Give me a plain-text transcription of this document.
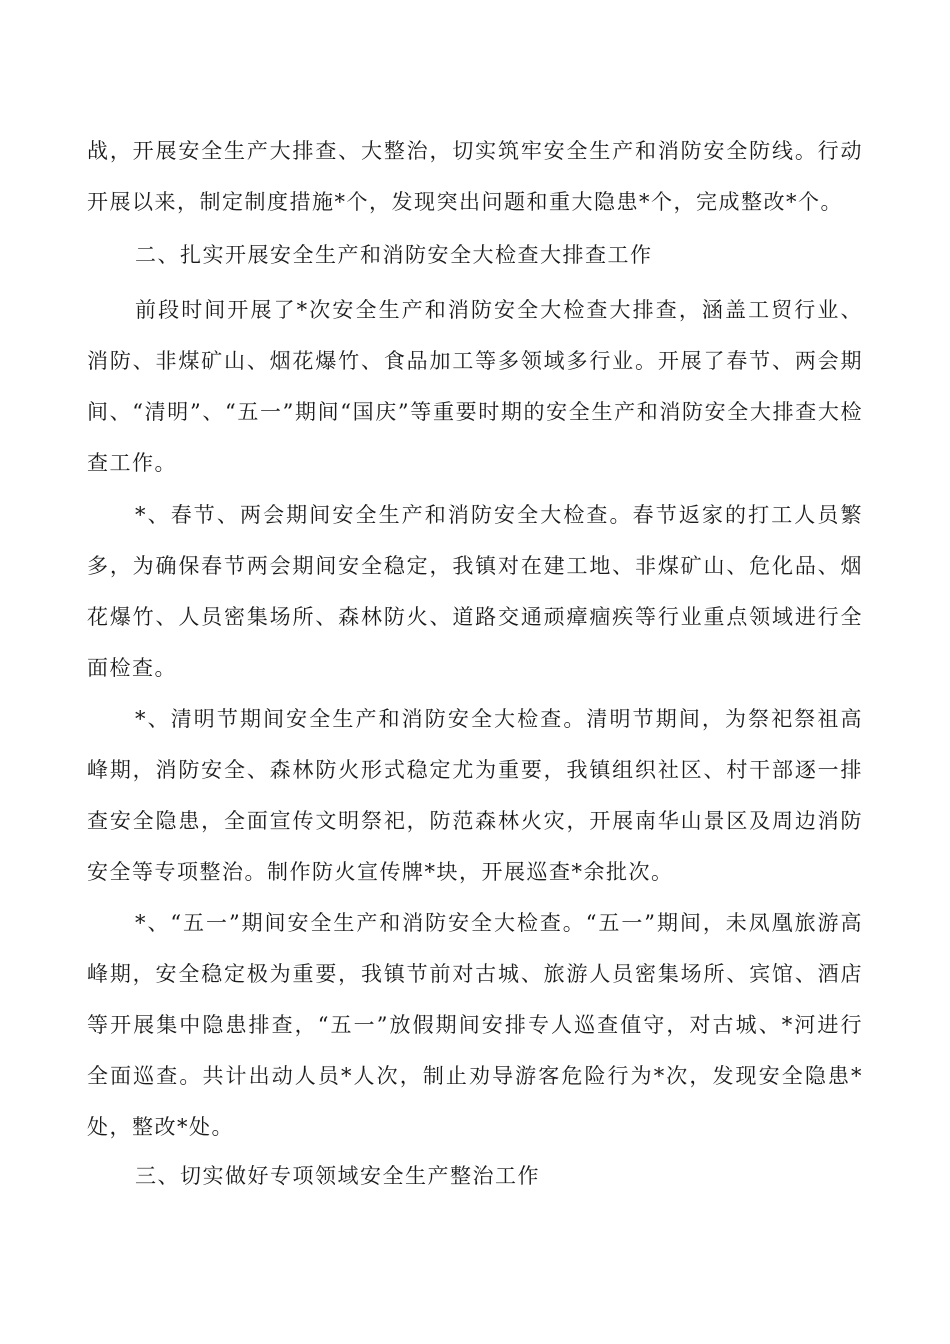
战，开展安全生产大排查、大整治，切实筑牢安全生产和消防安全防线。行动开展以来，制定制度措施*个，发现突出问题和重大隐患*个，完成整改*个。
二、扎实开展安全生产和消防安全大检查大排查工作
前段时间开展了*次安全生产和消防安全大检查大排查，涵盖工贸行业、消防、非煤矿山、烟花爆竹、食品加工等多领域多行业。开展了春节、两会期间、“清明”、“五一”期间“国庆”等重要时期的安全生产和消防安全大排查大检查工作。
*、春节、两会期间安全生产和消防安全大检查。春节返家的打工人员繁多，为确保春节两会期间安全稳定，我镇对在建工地、非煤矿山、危化品、烟花爆竹、人员密集场所、森林防火、道路交通顽瘴痼疾等行业重点领域进行全面检查。
*、清明节期间安全生产和消防安全大检查。清明节期间，为祭祀祭祖高峰期，消防安全、森林防火形式稳定尤为重要，我镇组织社区、村干部逐一排查安全隐患，全面宣传文明祭祀，防范森林火灾，开展南华山景区及周边消防安全等专项整治。制作防火宣传牌*块，开展巡查*余批次。
*、“五一”期间安全生产和消防安全大检查。“五一”期间，未凤凰旅游高峰期，安全稳定极为重要，我镇节前对古城、旅游人员密集场所、宾馆、酒店等开展集中隐患排查，“五一”放假期间安排专人巡查值守，对古城、*河进行全面巡查。共计出动人员*人次，制止劝导游客危险行为*次，发现安全隐患*处，整改*处。
三、切实做好专项领域安全生产整治工作
